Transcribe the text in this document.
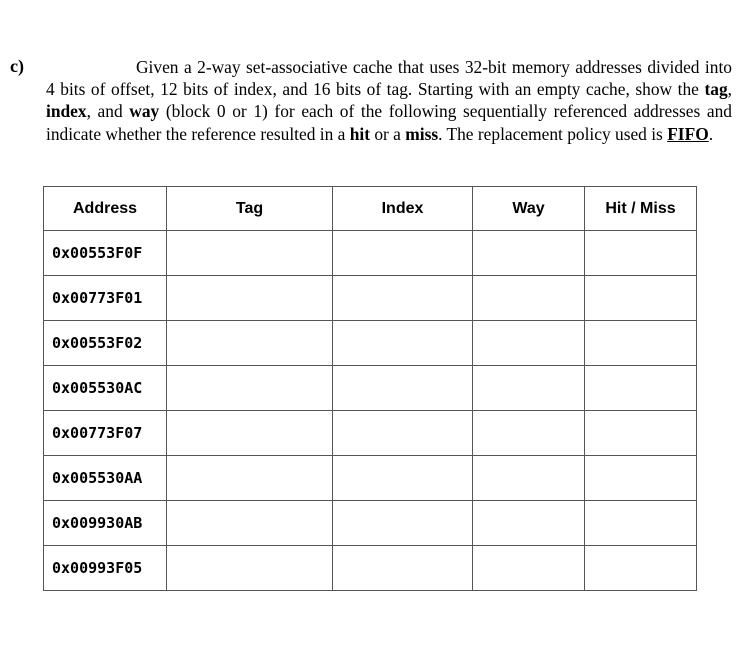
c)	Given a 2-way set-associative cache that uses 32-bit memory addresses divided into 4 bits of offset, 12 bits of index, and 16 bits of tag. Starting with an empty cache, show the tag, index, and way (block 0 or 1) for each of the following sequentially referenced addresses and indicate whether the reference resulted in a hit or a miss. The replacement policy used is FIFO.
Address	Tag	Index	Way	Hit / Miss
0x00553F0F				
0x00773F01				
0x00553F02				
0x005530AC				
0x00773F07				
0x005530AA				
0x009930AB				
0x00993F05				
